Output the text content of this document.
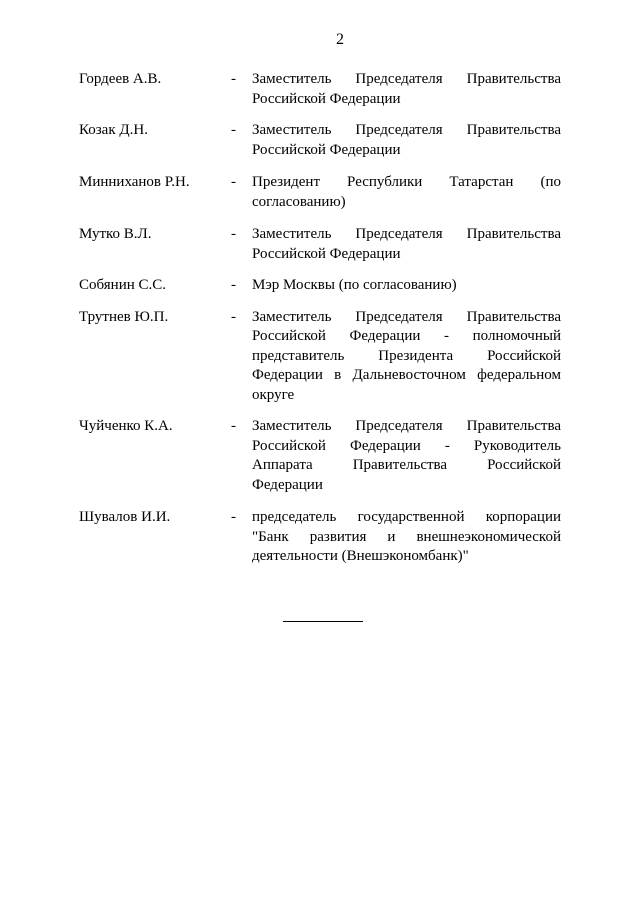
2
Гордеев А.В.	- Заместитель Председателя Правительства Российской Федерации
Козак Д.Н.	- Заместитель Председателя Правительства Российской Федерации
Минниханов Р.Н.	- Президент Республики Татарстан (по согласованию)
Мутко В.Л.	- Заместитель Председателя Правительства Российской Федерации
Собянин С.С.	- Мэр Москвы (по согласованию)
Трутнев Ю.П.	- Заместитель Председателя Правительства Российской Федерации - полномочный представитель Президента Российской Федерации в Дальневосточном федеральном округе
Чуйченко К.А.	- Заместитель Председателя Правительства Российской Федерации - Руководитель Аппарата Правительства Российской Федерации
Шувалов И.И.	- председатель государственной корпорации "Банк развития и внешнеэкономической деятельности (Внешэкономбанк)"
